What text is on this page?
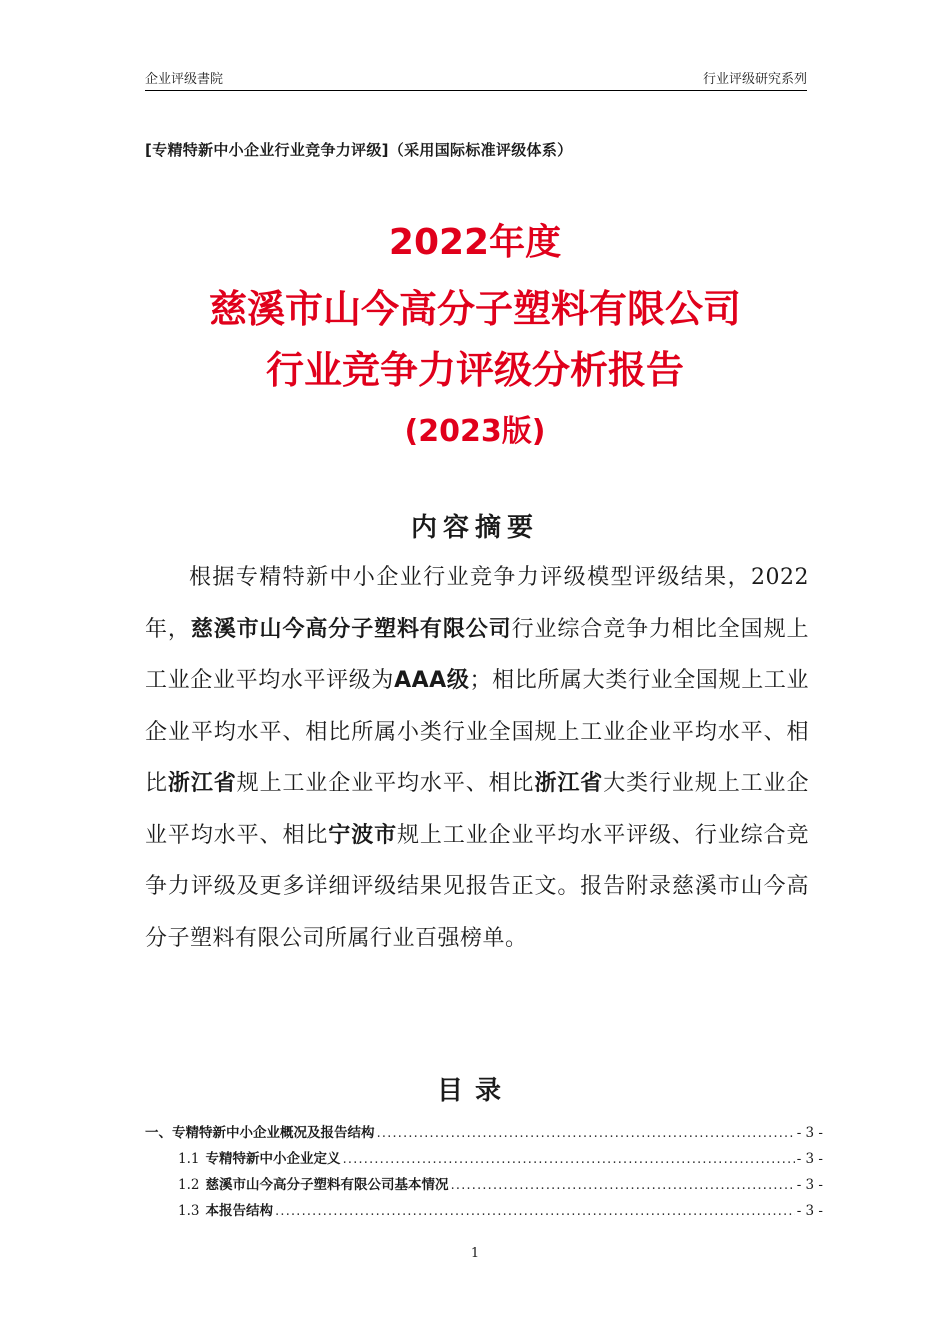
企业评级書院	行业评级研究系列
[专精特新中小企业行业竞争力评级]（采用国际标准评级体系）
2022年度
慈溪市山今高分子塑料有限公司
行业竞争力评级分析报告
(2023版)
内容摘要

根据专精特新中小企业行业竞争力评级模型评级结果，2022年，慈溪市山今高分子塑料有限公司行业综合竞争力相比全国规上工业企业平均水平评级为AAA级；相比所属大类行业全国规上工业企业平均水平、相比所属小类行业全国规上工业企业平均水平、相比浙江省规上工业企业平均水平、相比浙江省大类行业规上工业企业平均水平、相比宁波市规上工业企业平均水平评级、行业综合竞争力评级及更多详细评级结果见报告正文。报告附录慈溪市山今高分子塑料有限公司所属行业百强榜单。

目录
一、 专精特新中小企业概况及报告结构 .....	- 3 -
1.1 专精特新中小企业定义 .....	- 3 -
1.2 慈溪市山今高分子塑料有限公司基本情况 .....	- 3 -
1.3 本报告结构 .....	- 3 -
1
